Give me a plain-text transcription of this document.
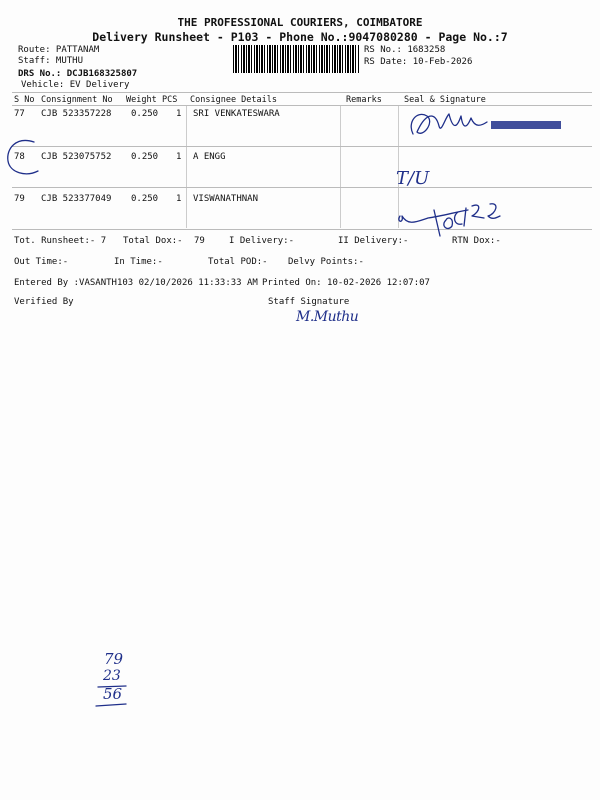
THE PROFESSIONAL COURIERS, COIMBATORE
Delivery Runsheet - P103 - Phone No.:9047080280 - Page No.:7
Route: PATTANAM
Staff: MUTHU
DRS No.: DCJB168325807
Vehicle: EV Delivery
RS No.: 1683258
RS Date: 10-Feb-2026
S No Consignment No Weight PCS Consignee Details	Remarks	Seal & Signature
77 CJB 523357228 0.250 1 SRI VENKATESWARA
78 CJB 523075752 0.250 1 A ENGG
79 CJB 523377049 0.250 1 VISWANATHNAN
Tot. Runsheet:- 7 Total Dox:- 79	I Delivery:-	II Delivery:-	RTN Dox:-
Out Time:-	In Time:-	Total POD:- Delvy Points:-
Entered By :VASANTH103 02/10/2026 11:33:33 AM Printed On: 10-02-2026 12:07:07
Verified By	Staff Signature
T/U
M.Muthu
79
23
56
